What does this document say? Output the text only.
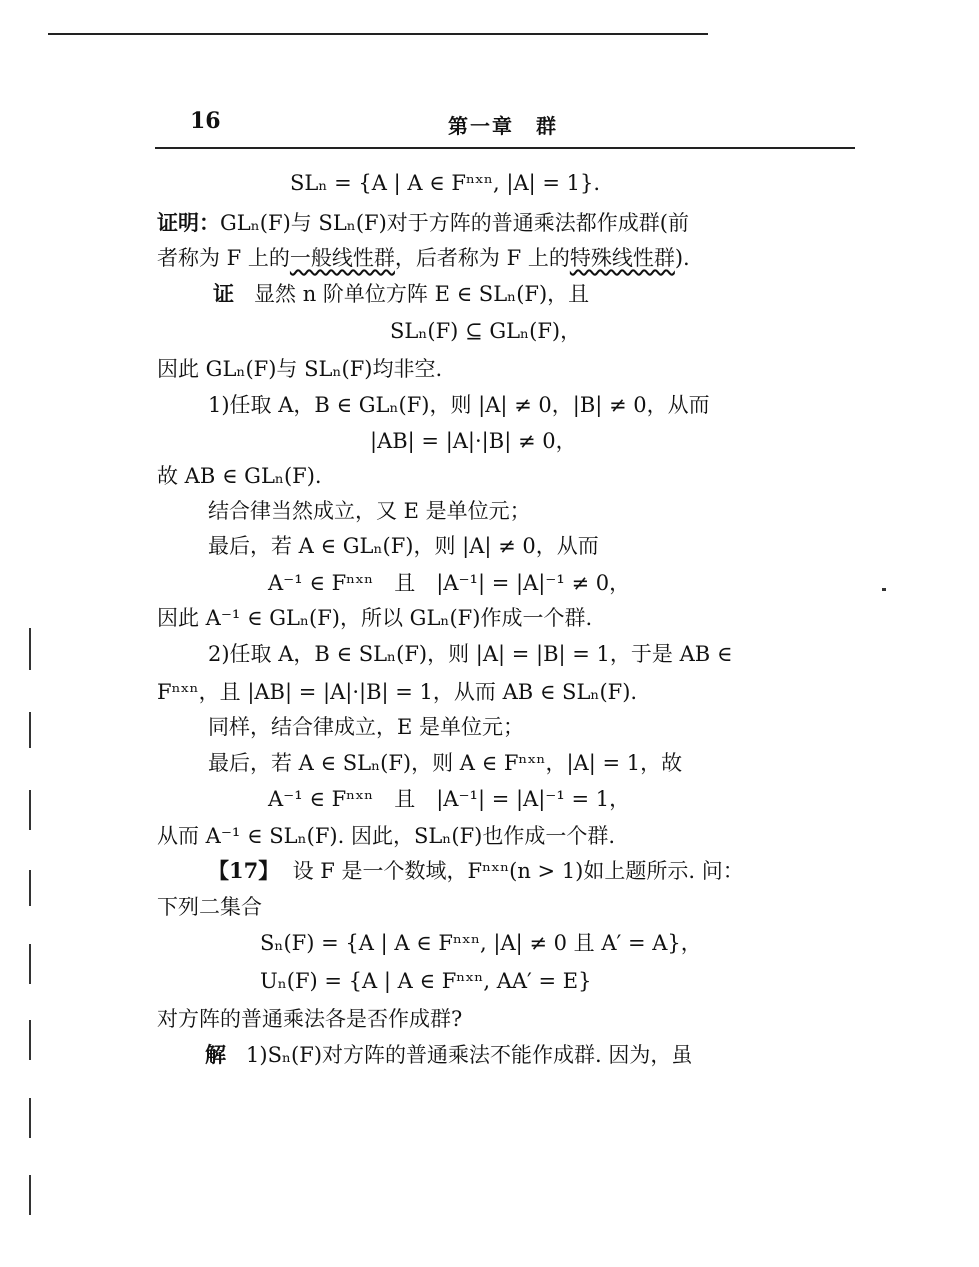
16	第一章　群
SLₙ = {A | A ∈ Fⁿˣⁿ, |A| = 1}.
证明：GLₙ(F)与 SLₙ(F)对于方阵的普通乘法都作成群(前
者称为 F 上的一般线性群，后者称为 F 上的特殊线性群).
证 显然 n 阶单位方阵 E ∈ SLₙ(F)，且
SLₙ(F) ⊆ GLₙ(F)，
因此 GLₙ(F)与 SLₙ(F)均非空.
1)任取 A，B ∈ GLₙ(F)，则 |A| ≠ 0，|B| ≠ 0，从而
|AB| = |A|·|B| ≠ 0，
故 AB ∈ GLₙ(F).
结合律当然成立，又 E 是单位元；
最后，若 A ∈ GLₙ(F)，则 |A| ≠ 0，从而
A⁻¹ ∈ Fⁿˣⁿ　且　|A⁻¹| = |A|⁻¹ ≠ 0，
因此 A⁻¹ ∈ GLₙ(F)，所以 GLₙ(F)作成一个群.
2)任取 A，B ∈ SLₙ(F)，则 |A| = |B| = 1，于是 AB ∈
Fⁿˣⁿ，且 |AB| = |A|·|B| = 1，从而 AB ∈ SLₙ(F).
同样，结合律成立，E 是单位元；
最后，若 A ∈ SLₙ(F)，则 A ∈ Fⁿˣⁿ，|A| = 1，故
A⁻¹ ∈ Fⁿˣⁿ　且　|A⁻¹| = |A|⁻¹ = 1，
从而 A⁻¹ ∈ SLₙ(F). 因此，SLₙ(F)也作成一个群.
【17】 设 F 是一个数域，Fⁿˣⁿ(n > 1)如上题所示. 问：
下列二集合
Sₙ(F) = {A | A ∈ Fⁿˣⁿ, |A| ≠ 0 且 A′ = A}，
Uₙ(F) = {A | A ∈ Fⁿˣⁿ, AA′ = E}
对方阵的普通乘法各是否作成群?
解 1)Sₙ(F)对方阵的普通乘法不能作成群. 因为，虽
